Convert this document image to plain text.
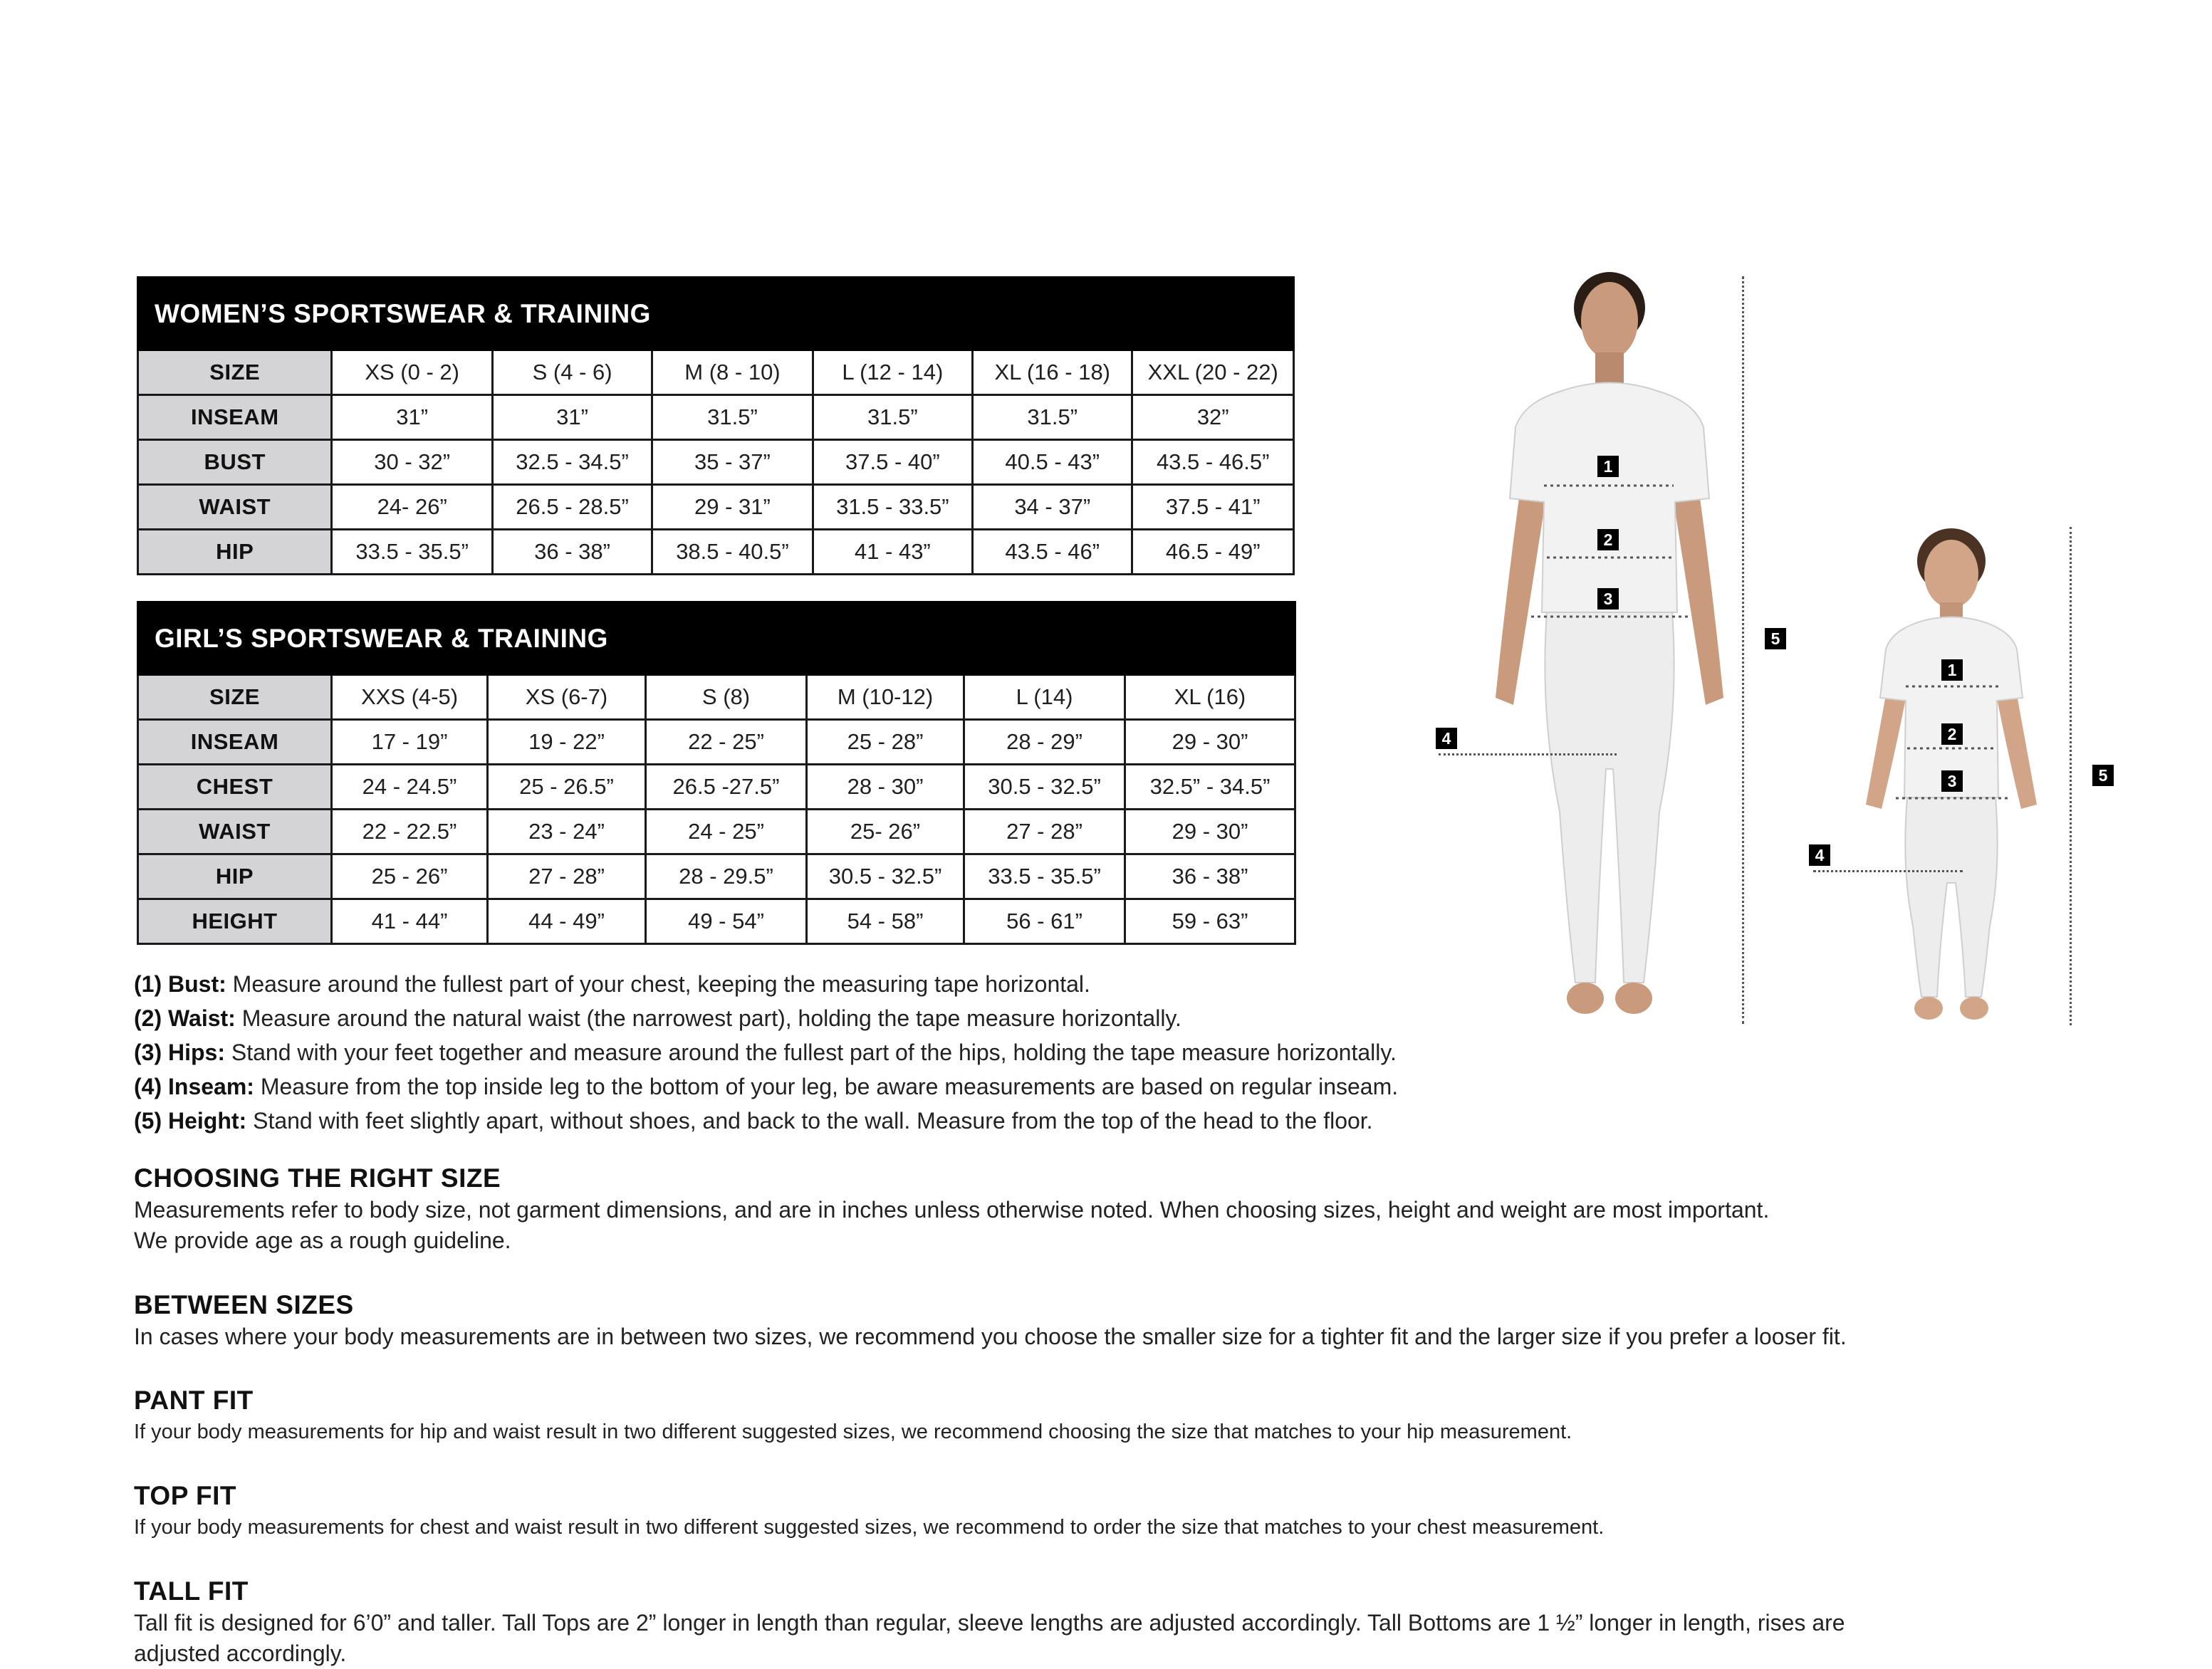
WOMEN’S SPORTSWEAR & TRAINING						
SIZE	XS (0 - 2)	S (4 - 6)	M (8 - 10)	L (12 - 14)	XL (16 - 18)	XXL (20 - 22)
INSEAM	31”	31”	31.5”	31.5”	31.5”	32”
BUST	30 - 32”	32.5 - 34.5”	35 - 37”	37.5 - 40”	40.5 - 43”	43.5 - 46.5”
WAIST	24- 26”	26.5 - 28.5”	29 - 31”	31.5 - 33.5”	34 - 37”	37.5 - 41”
HIP	33.5 - 35.5”	36 - 38”	38.5 - 40.5”	41 - 43”	43.5 - 46”	46.5 - 49”
GIRL’S SPORTSWEAR & TRAINING						
SIZE	XXS (4-5)	XS (6-7)	S (8)	M (10-12)	L (14)	XL (16)
INSEAM	17 - 19”	19 - 22”	22 - 25”	25 - 28”	28 - 29”	29 - 30”
CHEST	24 - 24.5”	25 - 26.5”	26.5 -27.5”	28 - 30”	30.5 - 32.5”	32.5” - 34.5”
WAIST	22 - 22.5”	23 - 24”	24 - 25”	25- 26”	27 - 28”	29 - 30”
HIP	25 - 26”	27 - 28”	28 - 29.5”	30.5 - 32.5”	33.5 - 35.5”	36 - 38”
HEIGHT	41 - 44”	44 - 49”	49 - 54”	54 - 58”	56 - 61”	59 - 63”

(1) Bust: Measure around the fullest part of your chest, keeping the measuring tape horizontal.

(2) Waist: Measure around the natural waist (the narrowest part), holding the tape measure horizontally.

(3) Hips: Stand with your feet together and measure around the fullest part of the hips, holding the tape measure horizontally.

(4) Inseam: Measure from the top inside leg to the bottom of your leg, be aware measurements are based on regular inseam.

(5) Height: Stand with feet slightly apart, without shoes, and back to the wall. Measure from the top of the head to the floor.

CHOOSING THE RIGHT SIZE

Measurements refer to body size, not garment dimensions, and are in inches unless otherwise noted. When choosing sizes, height and weight are most important.

We provide age as a rough guideline.

BETWEEN SIZES

In cases where your body measurements are in between two sizes, we recommend you choose the smaller size for a tighter fit and the larger size if you prefer a looser fit.

PANT FIT

If your body measurements for hip and waist result in two different suggested sizes, we recommend choosing the size that matches to your hip measurement.

TOP FIT

If your body measurements for chest and waist result in two different suggested sizes, we recommend to order the size that matches to your chest measurement.

TALL FIT

Tall fit is designed for 6’0” and taller. Tall Tops are 2” longer in length than regular, sleeve lengths are adjusted accordingly. Tall Bottoms are 1 ½” longer in length, rises are

adjusted accordingly.

1
2
3
4
5
1
2
3
4
5
